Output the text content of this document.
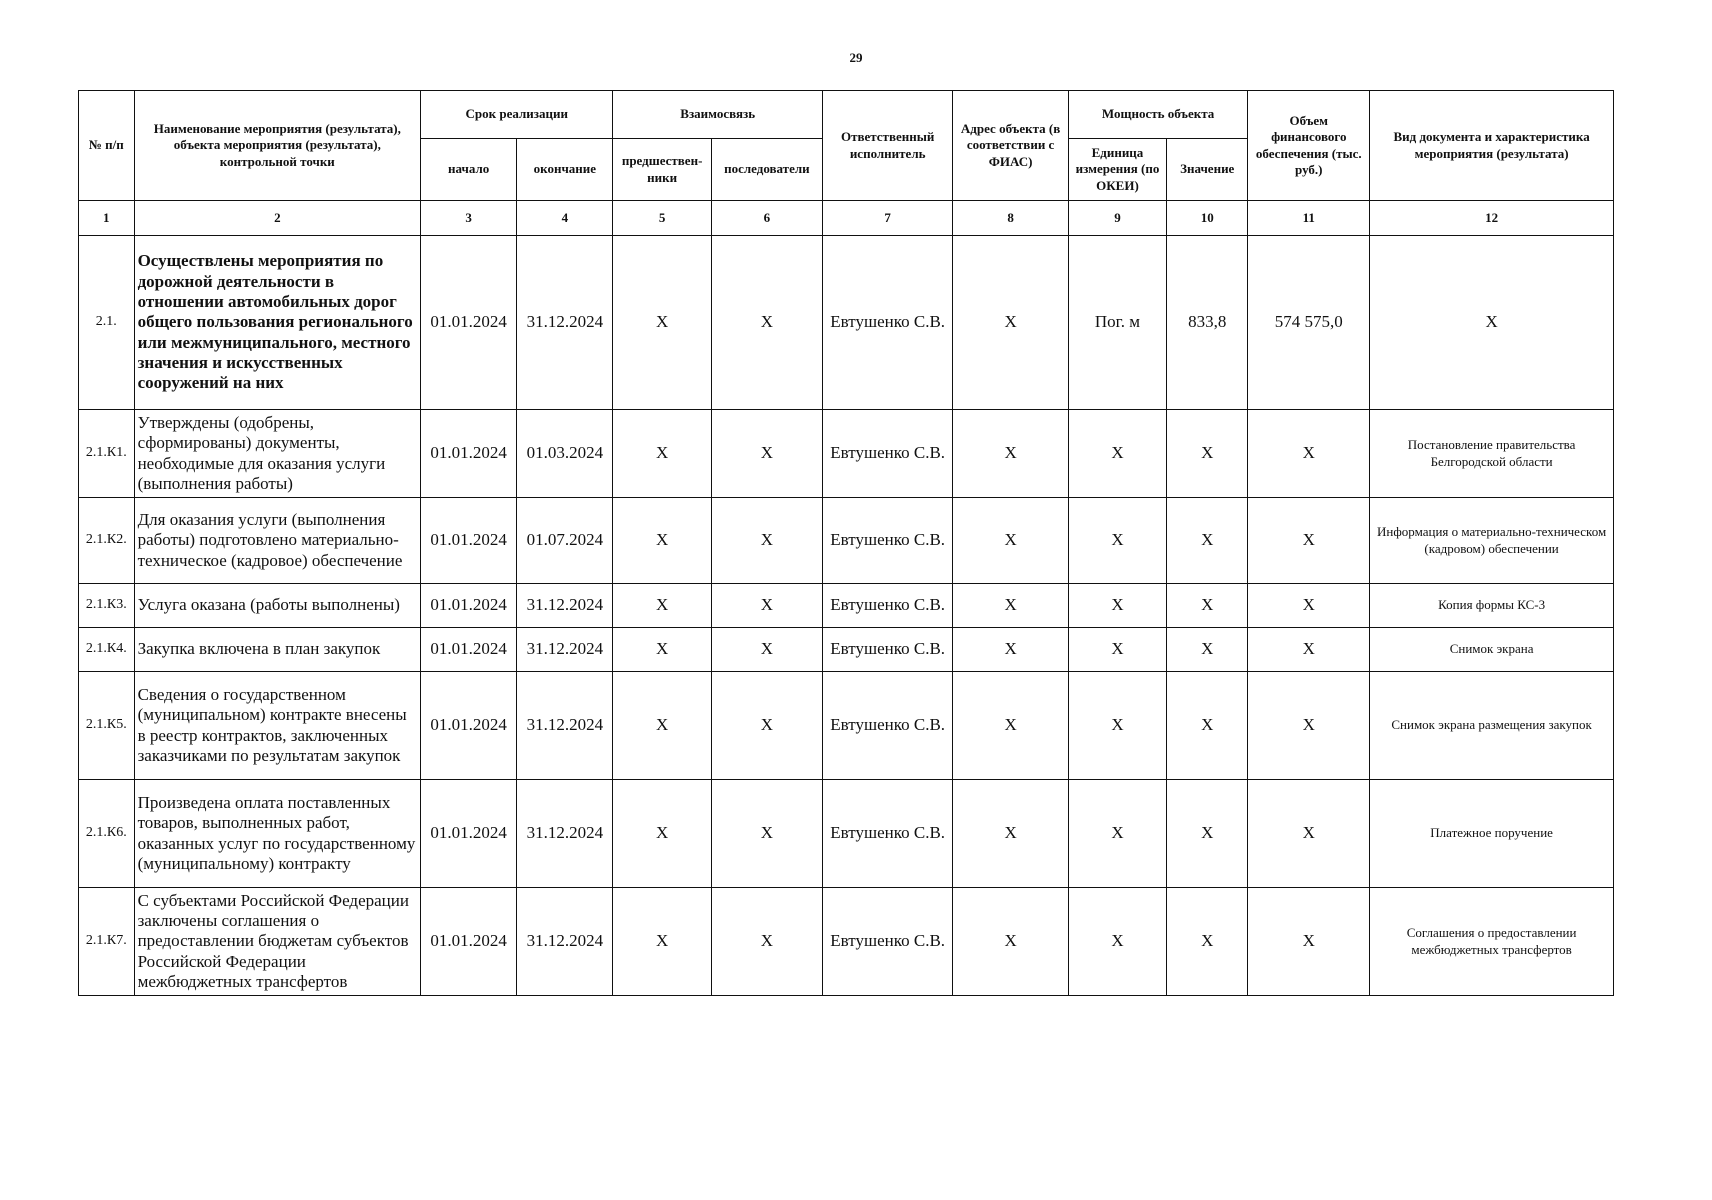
29
№ п/п	Наименование мероприятия (результата), объекта мероприятия (результата), контрольной точки	Срок реализации		Взаимосвязь		Ответственный исполнитель	Адрес объекта (в соответствии с ФИАС)	Мощность объекта		Объем финансового обеспечения (тыс. руб.)	Вид документа и характеристика мероприятия (результата)
		начало	окончание	предшествен-ники	последователи			Единица измерения (по ОКЕИ)	Значение		
1	2	3	4	5	6	7	8	9	10	11	12
2.1.	Осуществлены мероприятия по дорожной деятельности в отношении автомобильных дорог общего пользования регионального или межмуниципального, местного значения и искусственных сооружений на них	01.01.2024	31.12.2024	Х	Х	Евтушенко С.В.	Х	Пог. м	833,8	574 575,0	Х
2.1.К1.	Утверждены (одобрены, сформированы) документы, необходимые для оказания услуги (выполнения работы)	01.01.2024	01.03.2024	Х	Х	Евтушенко С.В.	Х	Х	Х	Х	Постановление правительства Белгородской области
2.1.К2.	Для оказания услуги (выполнения работы) подготовлено материально-техническое (кадровое) обеспечение	01.01.2024	01.07.2024	Х	Х	Евтушенко С.В.	Х	Х	Х	Х	Информация о материально-техническом (кадровом) обеспечении
2.1.К3.	Услуга оказана (работы выполнены)	01.01.2024	31.12.2024	Х	Х	Евтушенко С.В.	Х	Х	Х	Х	Копия формы КС-3
2.1.К4.	Закупка включена в план закупок	01.01.2024	31.12.2024	Х	Х	Евтушенко С.В.	Х	Х	Х	Х	Снимок экрана
2.1.К5.	Сведения о государственном (муниципальном) контракте внесены в реестр контрактов, заключенных заказчиками по результатам закупок	01.01.2024	31.12.2024	Х	Х	Евтушенко С.В.	Х	Х	Х	Х	Снимок экрана размещения закупок
2.1.К6.	Произведена оплата поставленных товаров, выполненных работ, оказанных услуг по государственному (муниципальному) контракту	01.01.2024	31.12.2024	Х	Х	Евтушенко С.В.	Х	Х	Х	Х	Платежное поручение
2.1.К7.	С субъектами Российской Федерации заключены соглашения о предоставлении бюджетам субъектов Российской Федерации межбюджетных трансфертов	01.01.2024	31.12.2024	Х	Х	Евтушенко С.В.	Х	Х	Х	Х	Соглашения о предоставлении межбюджетных трансфертов
